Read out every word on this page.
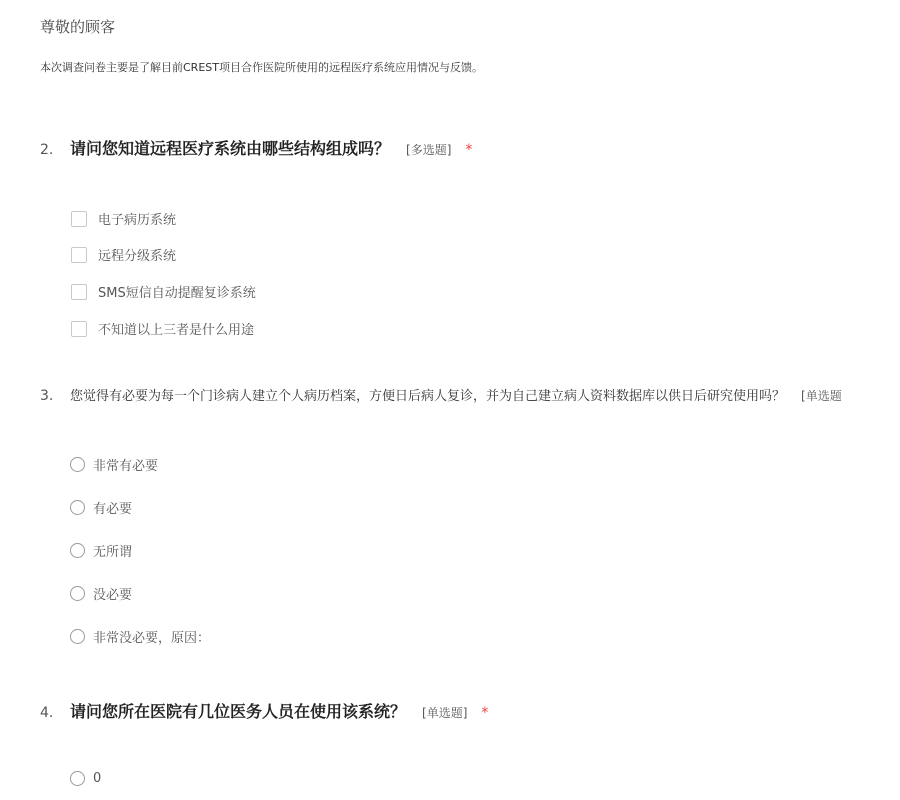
尊敬的顾客
本次调查问卷主要是了解目前CREST项目合作医院所使用的远程医疗系统应用情况与反馈。
2.	请问您知道远程医疗系统由哪些结构组成吗？ [多选题] *
电子病历系统
远程分级系统
SMS短信自动提醒复诊系统
不知道以上三者是什么用途
3.	您觉得有必要为每一个门诊病人建立个人病历档案，方便日后病人复诊，并为自己建立病人资料数据库以供日后研究使用吗？ [单选题
非常有必要
有必要
无所谓
没必要
非常没必要，原因：
4.	请问您所在医院有几位医务人员在使用该系统？ [单选题] *
0
